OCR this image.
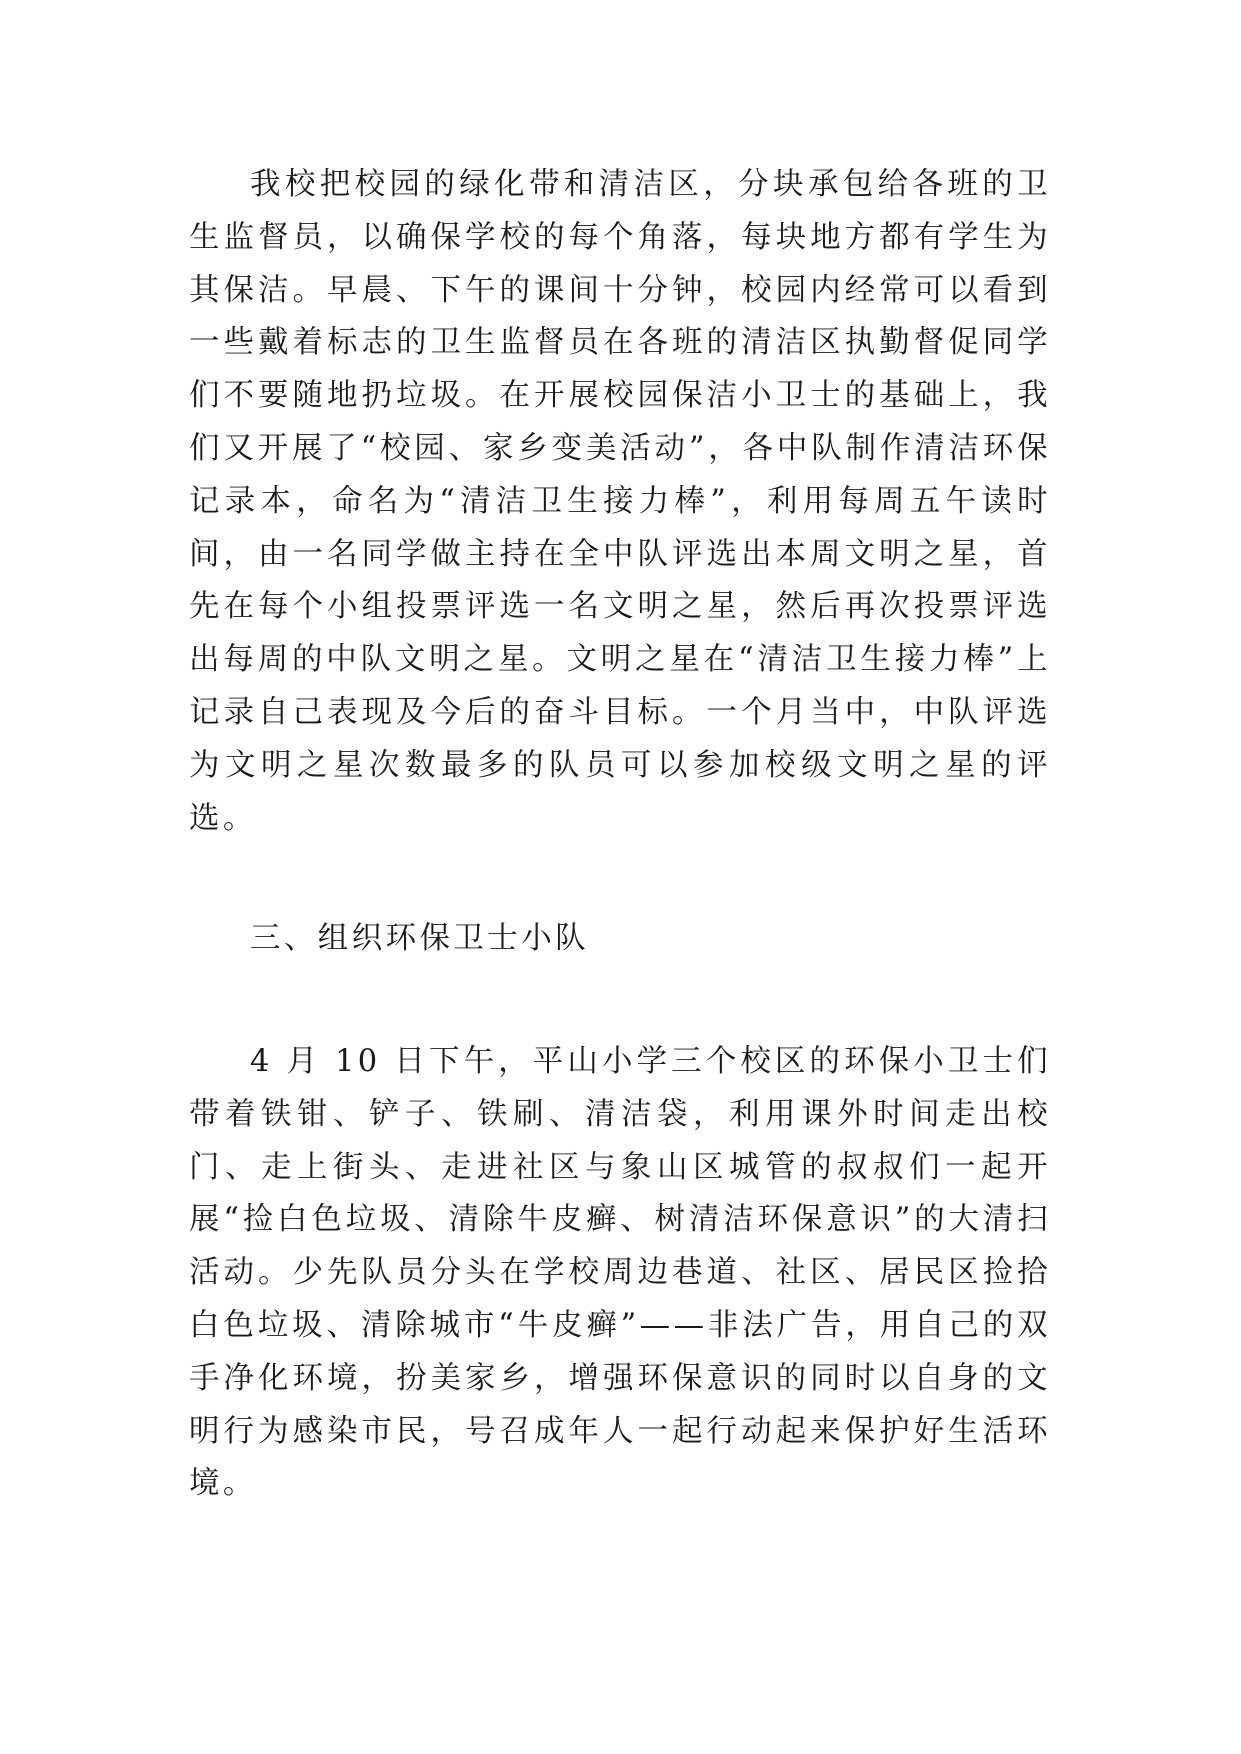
我校把校园的绿化带和清洁区，分块承包给各班的卫生监督员，以确保学校的每个角落，每块地方都有学生为其保洁。早晨、下午的课间十分钟，校园内经常可以看到一些戴着标志的卫生监督员在各班的清洁区执勤督促同学们不要随地扔垃圾。在开展校园保洁小卫士的基础上，我们又开展了“校园、家乡变美活动”，各中队制作清洁环保记录本，命名为“清洁卫生接力棒”，利用每周五午读时间，由一名同学做主持在全中队评选出本周文明之星，首先在每个小组投票评选一名文明之星，然后再次投票评选出每周的中队文明之星。文明之星在“清洁卫生接力棒”上记录自己表现及今后的奋斗目标。一个月当中，中队评选为文明之星次数最多的队员可以参加校级文明之星的评选。

三、组织环保卫士小队

4 月 10 日下午，平山小学三个校区的环保小卫士们带着铁钳、铲子、铁刷、清洁袋，利用课外时间走出校门、走上街头、走进社区与象山区城管的叔叔们一起开展“捡白色垃圾、清除牛皮癣、树清洁环保意识”的大清扫活动。少先队员分头在学校周边巷道、社区、居民区捡拾白色垃圾、清除城市“牛皮癣”——非法广告，用自己的双手净化环境，扮美家乡，增强环保意识的同时以自身的文明行为感染市民，号召成年人一起行动起来保护好生活环境。
